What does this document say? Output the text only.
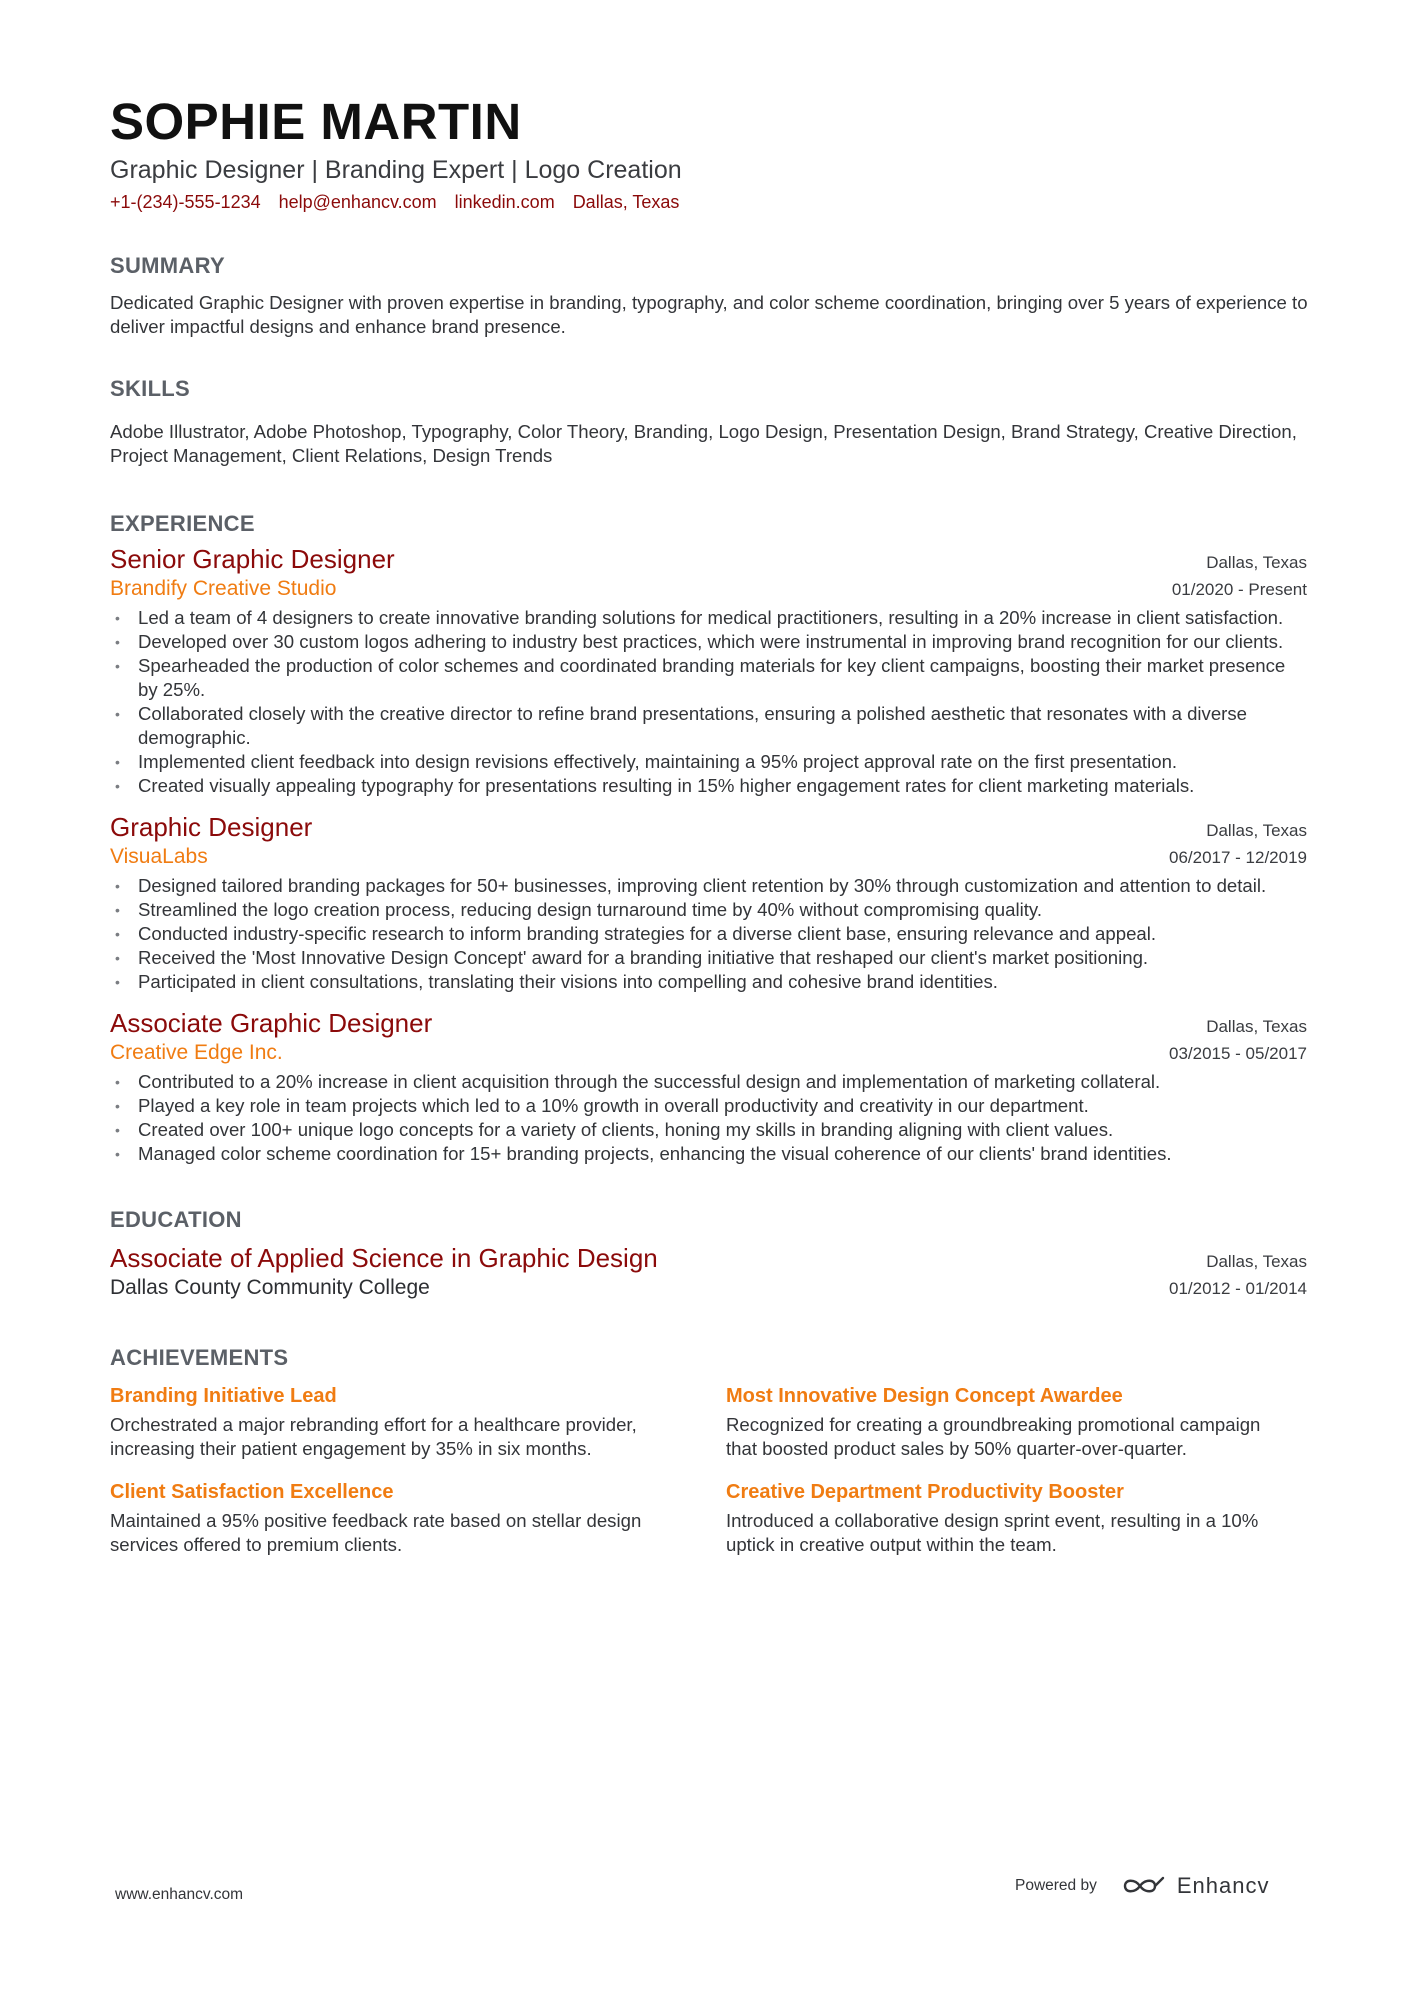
SOPHIE MARTIN
Graphic Designer | Branding Expert | Logo Creation
+1-(234)-555-1234 help@enhancv.com linkedin.com Dallas, Texas
SUMMARY
Dedicated Graphic Designer with proven expertise in branding, typography, and color scheme coordination, bringing over 5 years of experience to deliver impactful designs and enhance brand presence.
SKILLS
Adobe Illustrator, Adobe Photoshop, Typography, Color Theory, Branding, Logo Design, Presentation Design, Brand Strategy, Creative Direction, Project Management, Client Relations, Design Trends
EXPERIENCE
Senior Graphic Designer	Dallas, Texas
Brandify Creative Studio	01/2020 - Present
• Led a team of 4 designers to create innovative branding solutions for medical practitioners, resulting in a 20% increase in client satisfaction.
• Developed over 30 custom logos adhering to industry best practices, which were instrumental in improving brand recognition for our clients.
• Spearheaded the production of color schemes and coordinated branding materials for key client campaigns, boosting their market presence by 25%.
• Collaborated closely with the creative director to refine brand presentations, ensuring a polished aesthetic that resonates with a diverse demographic.
• Implemented client feedback into design revisions effectively, maintaining a 95% project approval rate on the first presentation.
• Created visually appealing typography for presentations resulting in 15% higher engagement rates for client marketing materials.
Graphic Designer	Dallas, Texas
VisuaLabs	06/2017 - 12/2019
• Designed tailored branding packages for 50+ businesses, improving client retention by 30% through customization and attention to detail.
• Streamlined the logo creation process, reducing design turnaround time by 40% without compromising quality.
• Conducted industry-specific research to inform branding strategies for a diverse client base, ensuring relevance and appeal.
• Received the 'Most Innovative Design Concept' award for a branding initiative that reshaped our client's market positioning.
• Participated in client consultations, translating their visions into compelling and cohesive brand identities.
Associate Graphic Designer	Dallas, Texas
Creative Edge Inc.	03/2015 - 05/2017
• Contributed to a 20% increase in client acquisition through the successful design and implementation of marketing collateral.
• Played a key role in team projects which led to a 10% growth in overall productivity and creativity in our department.
• Created over 100+ unique logo concepts for a variety of clients, honing my skills in branding aligning with client values.
• Managed color scheme coordination for 15+ branding projects, enhancing the visual coherence of our clients' brand identities.
EDUCATION
Associate of Applied Science in Graphic Design	Dallas, Texas
Dallas County Community College	01/2012 - 01/2014
ACHIEVEMENTS
Branding Initiative Lead
Orchestrated a major rebranding effort for a healthcare provider, increasing their patient engagement by 35% in six months.
Most Innovative Design Concept Awardee
Recognized for creating a groundbreaking promotional campaign that boosted product sales by 50% quarter-over-quarter.
Client Satisfaction Excellence
Maintained a 95% positive feedback rate based on stellar design services offered to premium clients.
Creative Department Productivity Booster
Introduced a collaborative design sprint event, resulting in a 10% uptick in creative output within the team.
www.enhancv.com
Powered by	Enhancv
